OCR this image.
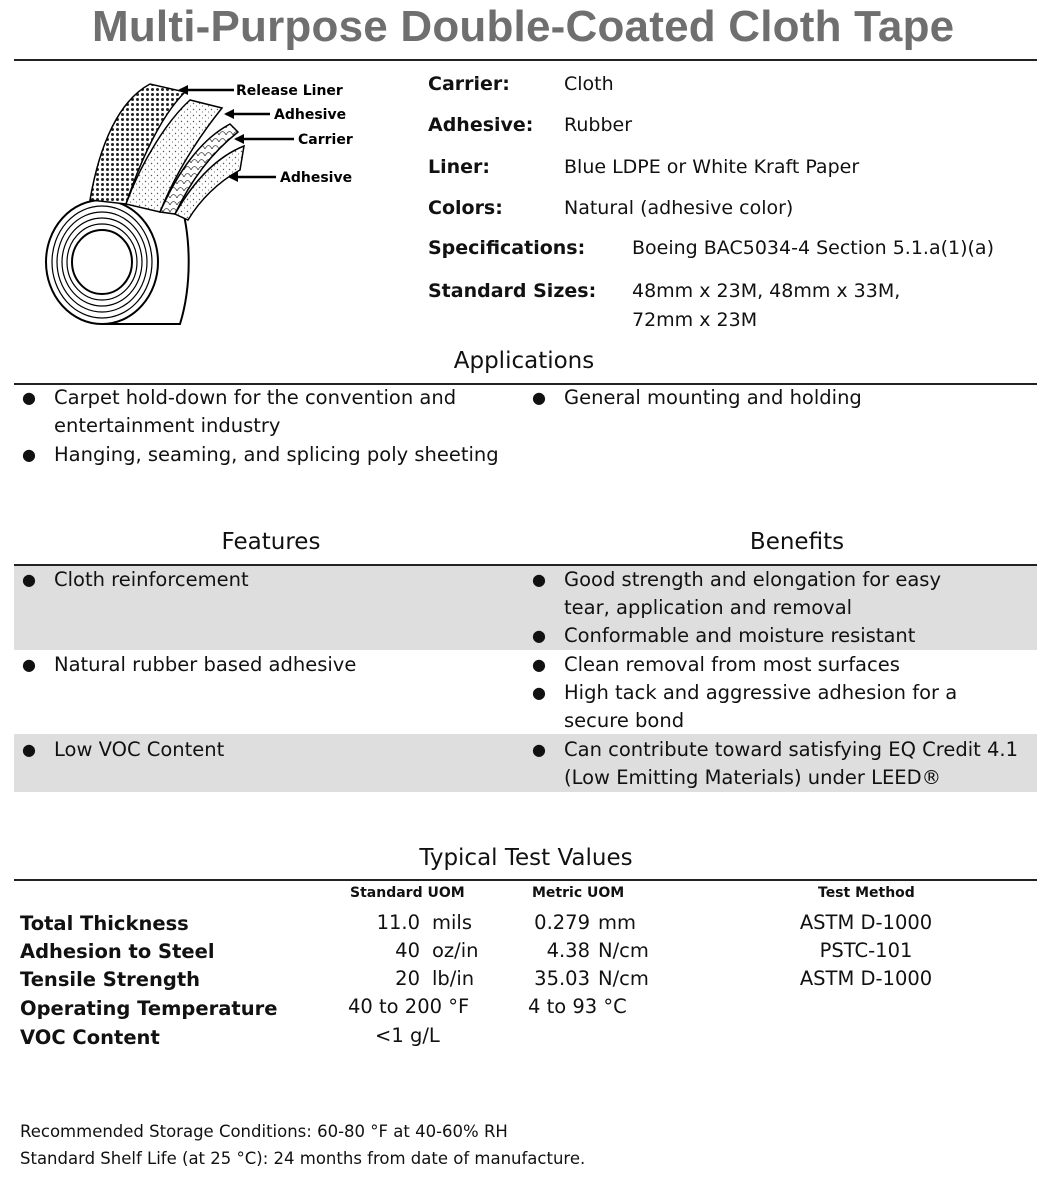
Multi-Purpose Double-Coated Cloth Tape
Release Liner
Adhesive
Carrier
Adhesive
Carrier:	Cloth
Adhesive: Rubber
Liner:	Blue LDPE or White Kraft Paper
Colors:	Natural (adhesive color)
Specifications: Boeing BAC5034-4 Section 5.1.a(1)(a)
Standard Sizes: 48mm x 23M, 48mm x 33M,
72mm x 23M
Applications
● Carpet hold-down for the convention and
entertainment industry
● Hanging, seaming, and splicing poly sheeting
● General mounting and holding
Features	Benefits
● Cloth reinforcement	● Good strength and elongation for easy
tear, application and removal
● Conformable and moisture resistant
● Natural rubber based adhesive	● Clean removal from most surfaces
● High tack and aggressive adhesion for a
secure bond
● Low VOC Content	● Can contribute toward satisfying EQ Credit 4.1
(Low Emitting Materials) under LEED®
Typical Test Values
Standard UOM	Metric UOM	Test Method
Total Thickness	11.0 mils	0.279 mm	ASTM D-1000
Adhesion to Steel	40 oz/in	4.38 N/cm	PSTC-101
Tensile Strength	20 lb/in	35.03 N/cm	ASTM D-1000
Operating Temperature	40 to 200 °F	4 to 93 °C
VOC Content	<1 g/L
Recommended Storage Conditions: 60-80 °F at 40-60% RH
Standard Shelf Life (at 25 °C): 24 months from date of manufacture.
